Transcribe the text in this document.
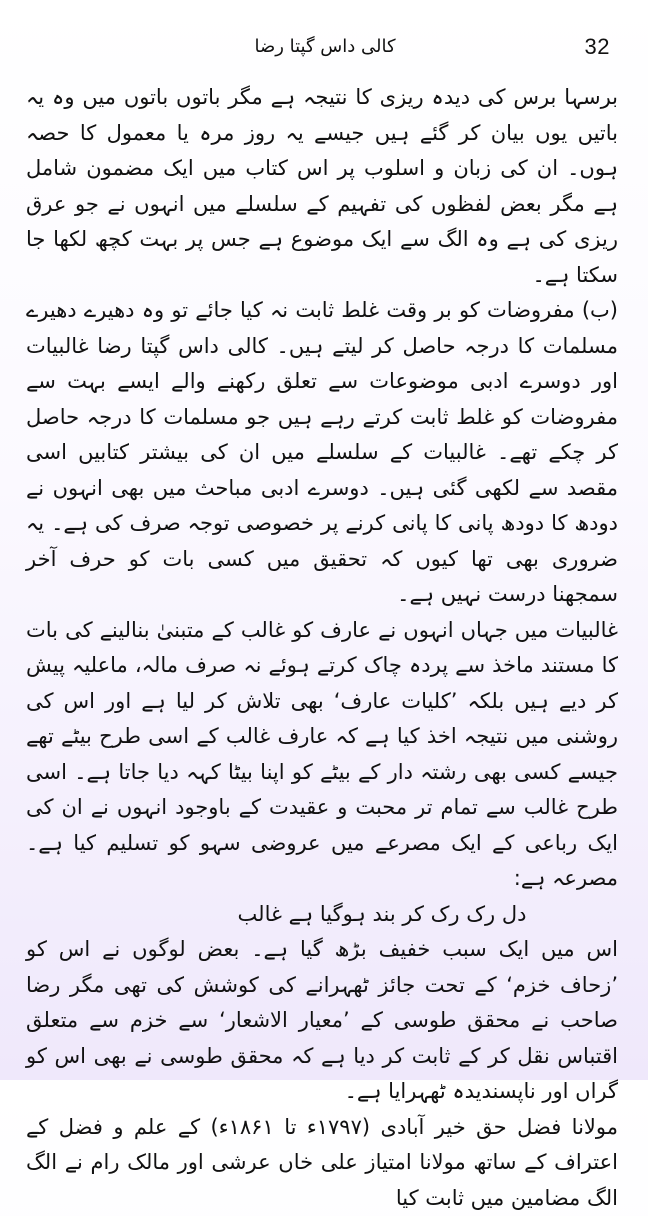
کالی داس گپتا رضا	32

برسہا برس کی دیدہ ریزی کا نتیجہ ہے مگر باتوں باتوں میں وہ یہ باتیں یوں بیان کر گئے ہیں جیسے یہ روز مرہ یا معمول کا حصہ ہوں۔ ان کی زبان و اسلوب پر اس کتاب میں ایک مضمون شامل ہے مگر بعض لفظوں کی تفہیم کے سلسلے میں انہوں نے جو عرق ریزی کی ہے وہ الگ سے ایک موضوع ہے جس پر بہت کچھ لکھا جا سکتا ہے۔

(ب) مفروضات کو بر وقت غلط ثابت نہ کیا جائے تو وہ دھیرے دھیرے مسلمات کا درجہ حاصل کر لیتے ہیں۔ کالی داس گپتا رضا غالبیات اور دوسرے ادبی موضوعات سے تعلق رکھنے والے ایسے بہت سے مفروضات کو غلط ثابت کرتے رہے ہیں جو مسلمات کا درجہ حاصل کر چکے تھے۔ غالبیات کے سلسلے میں ان کی بیشتر کتابیں اسی مقصد سے لکھی گئی ہیں۔ دوسرے ادبی مباحث میں بھی انہوں نے دودھ کا دودھ پانی کا پانی کرنے پر خصوصی توجہ صرف کی ہے۔ یہ ضروری بھی تھا کیوں کہ تحقیق میں کسی بات کو حرف آخر سمجھنا درست نہیں ہے۔

غالبیات میں جہاں انہوں نے عارف کو غالب کے متبنیٰ بنالینے کی بات کا مستند ماخذ سے پردہ چاک کرتے ہوئے نہ صرف مالہ، ماعلیہ پیش کر دیے ہیں بلکہ ’کلیات عارف‘ بھی تلاش کر لیا ہے اور اس کی روشنی میں نتیجہ اخذ کیا ہے کہ عارف غالب کے اسی طرح بیٹے تھے جیسے کسی بھی رشتہ دار کے بیٹے کو اپنا بیٹا کہہ دیا جاتا ہے۔ اسی طرح غالب سے تمام تر محبت و عقیدت کے باوجود انہوں نے ان کی ایک رباعی کے ایک مصرعے میں عروضی سہو کو تسلیم کیا ہے۔ مصرعہ ہے:

دل رک رک کر بند ہوگیا ہے غالب

اس میں ایک سبب خفیف بڑھ گیا ہے۔ بعض لوگوں نے اس کو ’زحاف خزم‘ کے تحت جائز ٹھہرانے کی کوشش کی تھی مگر رضا صاحب نے محقق طوسی کے ’معیار الاشعار‘ سے خزم سے متعلق اقتباس نقل کر کے ثابت کر دیا ہے کہ محقق طوسی نے بھی اس کو گراں اور ناپسندیدہ ٹھہرایا ہے۔

مولانا فضل حق خیر آبادی (۱۷۹۷ء تا ۱۸۶۱ء) کے علم و فضل کے اعتراف کے ساتھ مولانا امتیاز علی خاں عرشی اور مالک رام نے الگ الگ مضامین میں ثابت کیا
